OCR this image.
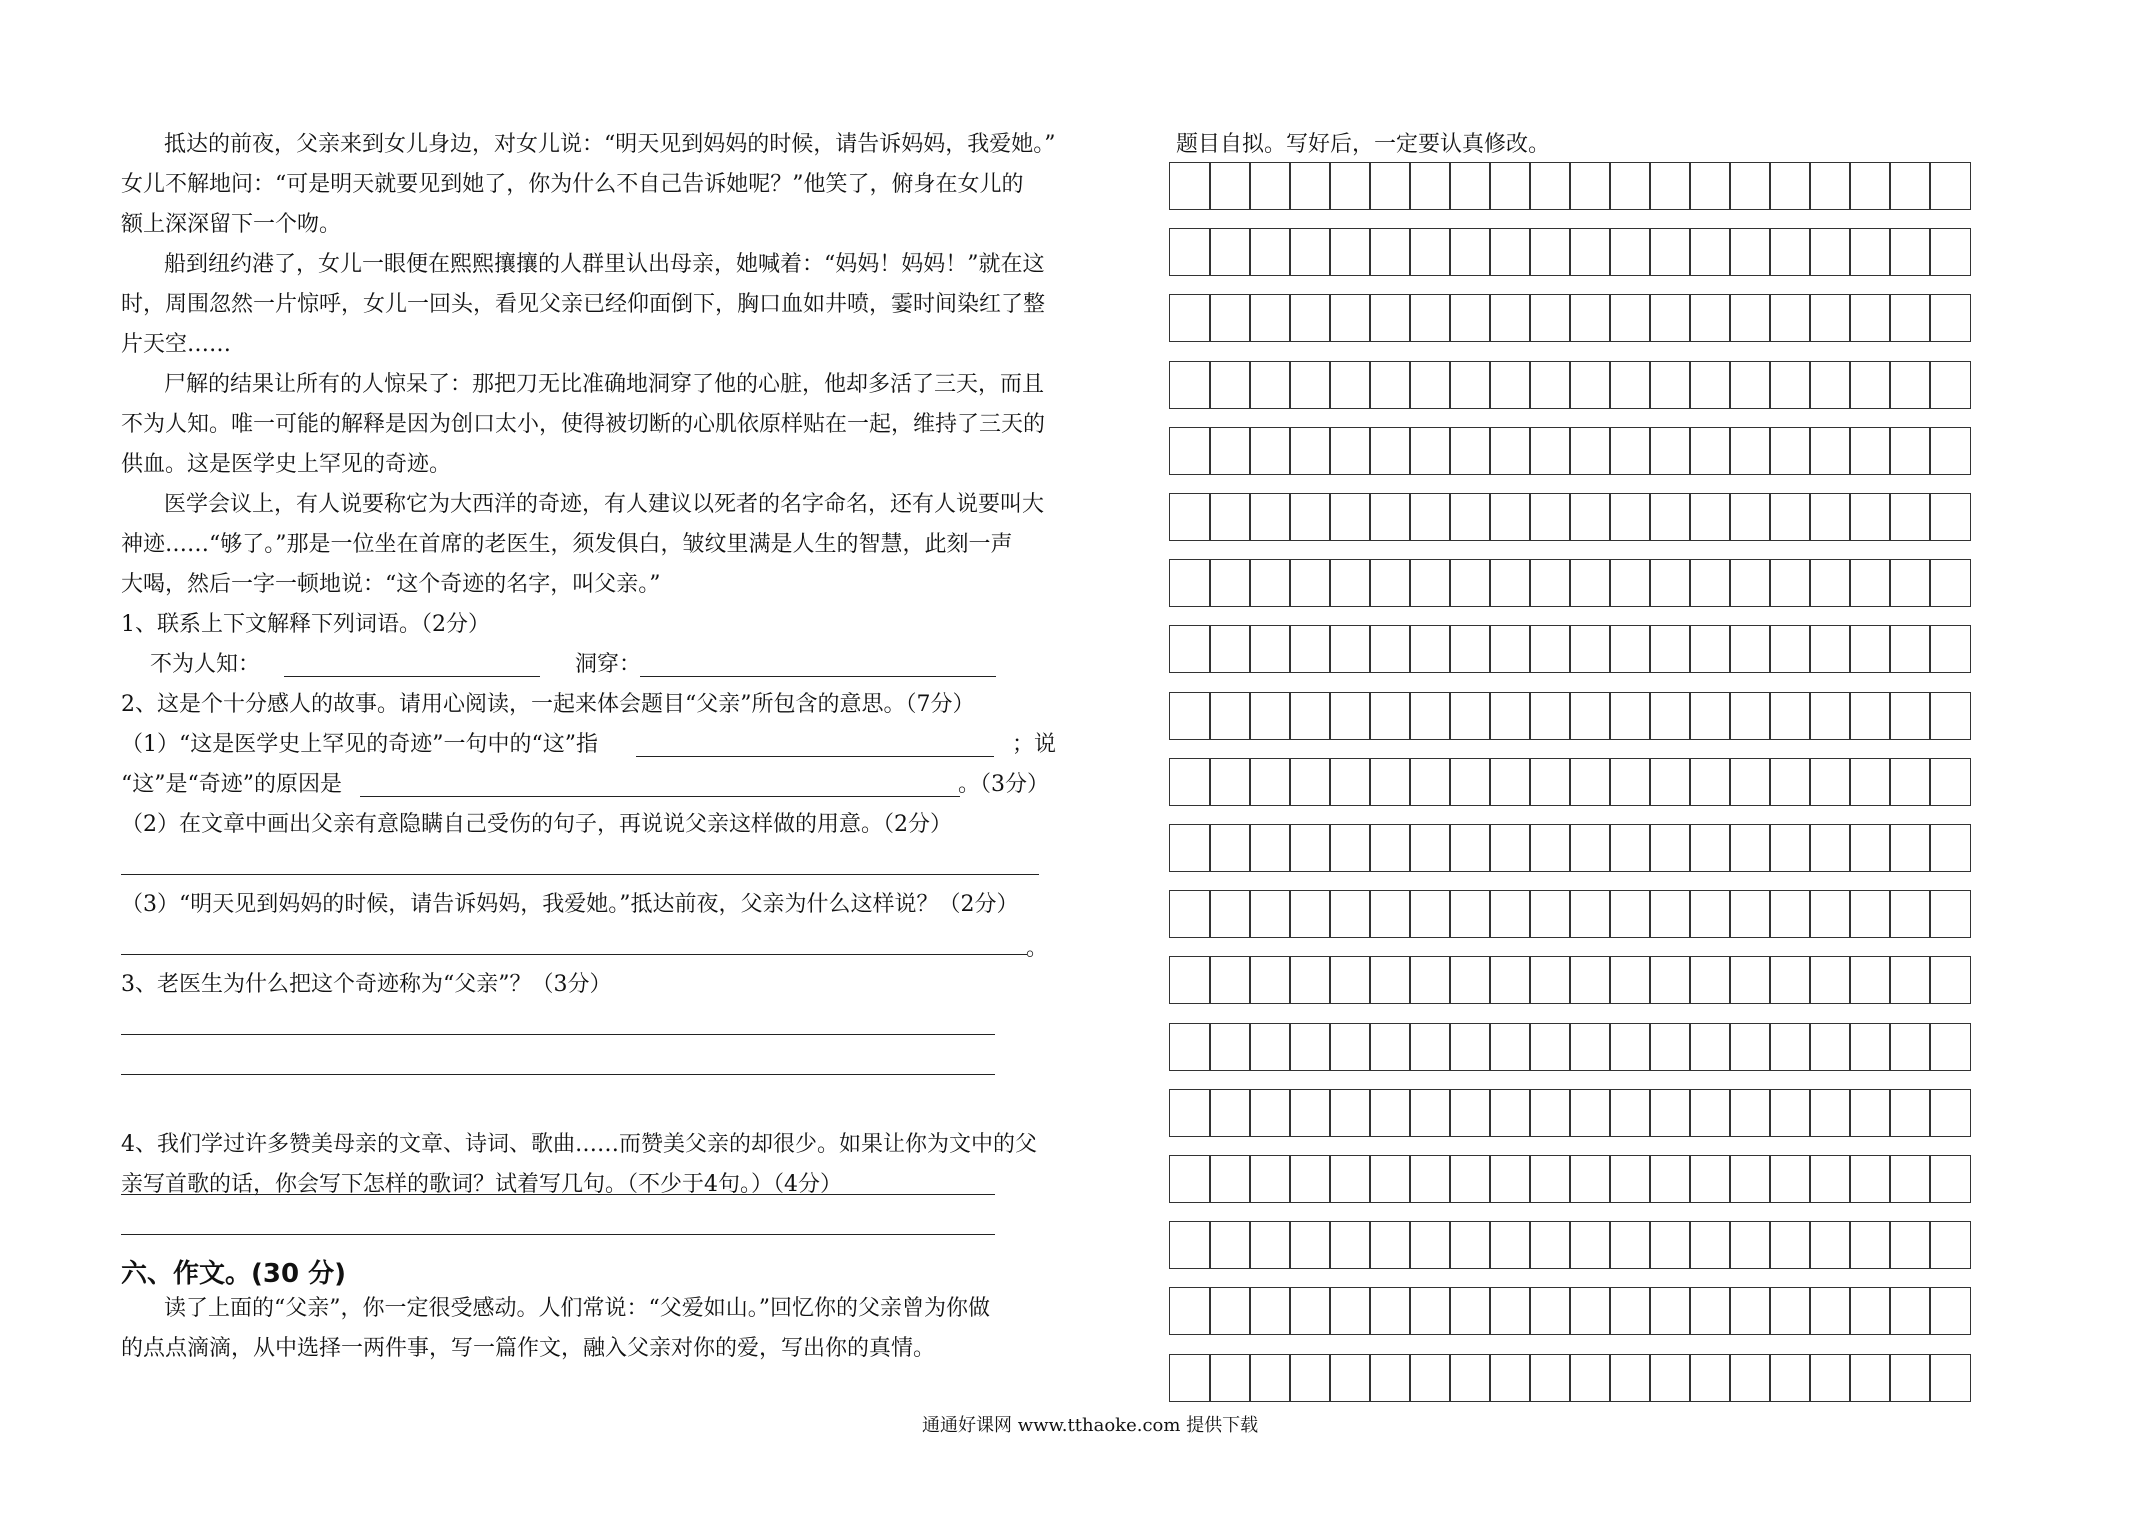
抵达的前夜，父亲来到女儿身边，对女儿说：“明天见到妈妈的时候，请告诉妈妈，我爱她。”
女儿不解地问：“可是明天就要见到她了，你为什么不自己告诉她呢？”他笑了，俯身在女儿的
额上深深留下一个吻。
船到纽约港了，女儿一眼便在熙熙攘攘的人群里认出母亲，她喊着：“妈妈！妈妈！”就在这
时，周围忽然一片惊呼，女儿一回头，看见父亲已经仰面倒下，胸口血如井喷，霎时间染红了整
片天空……
尸解的结果让所有的人惊呆了：那把刀无比准确地洞穿了他的心脏，他却多活了三天，而且
不为人知。唯一可能的解释是因为创口太小，使得被切断的心肌依原样贴在一起，维持了三天的
供血。这是医学史上罕见的奇迹。
医学会议上，有人说要称它为大西洋的奇迹，有人建议以死者的名字命名，还有人说要叫大
神迹……“够了。”那是一位坐在首席的老医生，须发俱白，皱纹里满是人生的智慧，此刻一声
大喝，然后一字一顿地说：“这个奇迹的名字，叫父亲。”
1、联系上下文解释下列词语。（2分）
不为人知：	洞穿：
2、这是个十分感人的故事。请用心阅读，一起来体会题目“父亲”所包含的意思。（7分）
（1）“这是医学史上罕见的奇迹”一句中的“这”指	；说
“这”是“奇迹”的原因是	。（3分）
（2）在文章中画出父亲有意隐瞒自己受伤的句子，再说说父亲这样做的用意。（2分）
（3）“明天见到妈妈的时候，请告诉妈妈，我爱她。”抵达前夜，父亲为什么这样说？（2分）
。
3、老医生为什么把这个奇迹称为“父亲”？（3分）
4、我们学过许多赞美母亲的文章、诗词、歌曲……而赞美父亲的却很少。如果让你为文中的父
亲写首歌的话，你会写下怎样的歌词？试着写几句。（不少于4句。）（4分）
六、作文。(30 分)
读了上面的“父亲”，你一定很受感动。人们常说：“父爱如山。”回忆你的父亲曾为你做
的点点滴滴，从中选择一两件事，写一篇作文，融入父亲对你的爱，写出你的真情。
题目自拟。写好后，一定要认真修改。
通通好课网 www.tthaoke.com 提供下载
